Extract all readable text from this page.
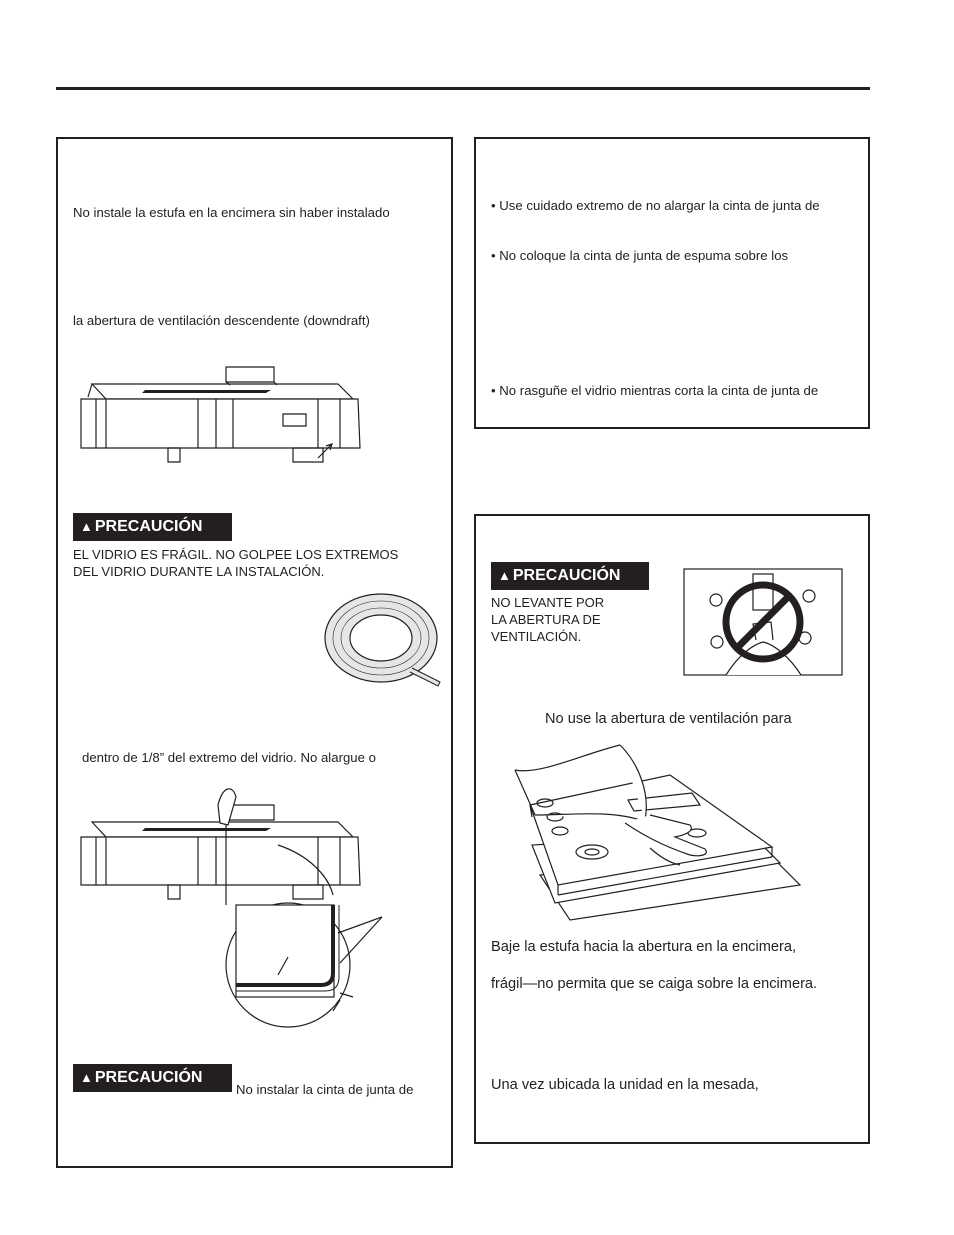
No instale la estufa en la encimera sin haber instalado
la abertura de ventilación descendente (downdraft)
▲ PRECAUCIÓN
EL VIDRIO ES FRÁGIL. NO GOLPEE LOS EXTREMOS
DEL VIDRIO DURANTE LA INSTALACIÓN.
dentro de 1/8” del extremo del vidrio. No alargue o
▲ PRECAUCIÓN
No instalar la cinta de junta de
• Use cuidado extremo de no alargar la cinta de junta de
• No coloque la cinta de junta de espuma sobre los
• No rasguñe el vidrio mientras corta la cinta de junta de
▲ PRECAUCIÓN
NO LEVANTE POR
LA ABERTURA DE
VENTILACIÓN.
No use la abertura de ventilación para
Baje la estufa hacia la abertura en la encimera,
frágil—no permita que se caiga sobre la encimera.
Una vez ubicada la unidad en la mesada,
